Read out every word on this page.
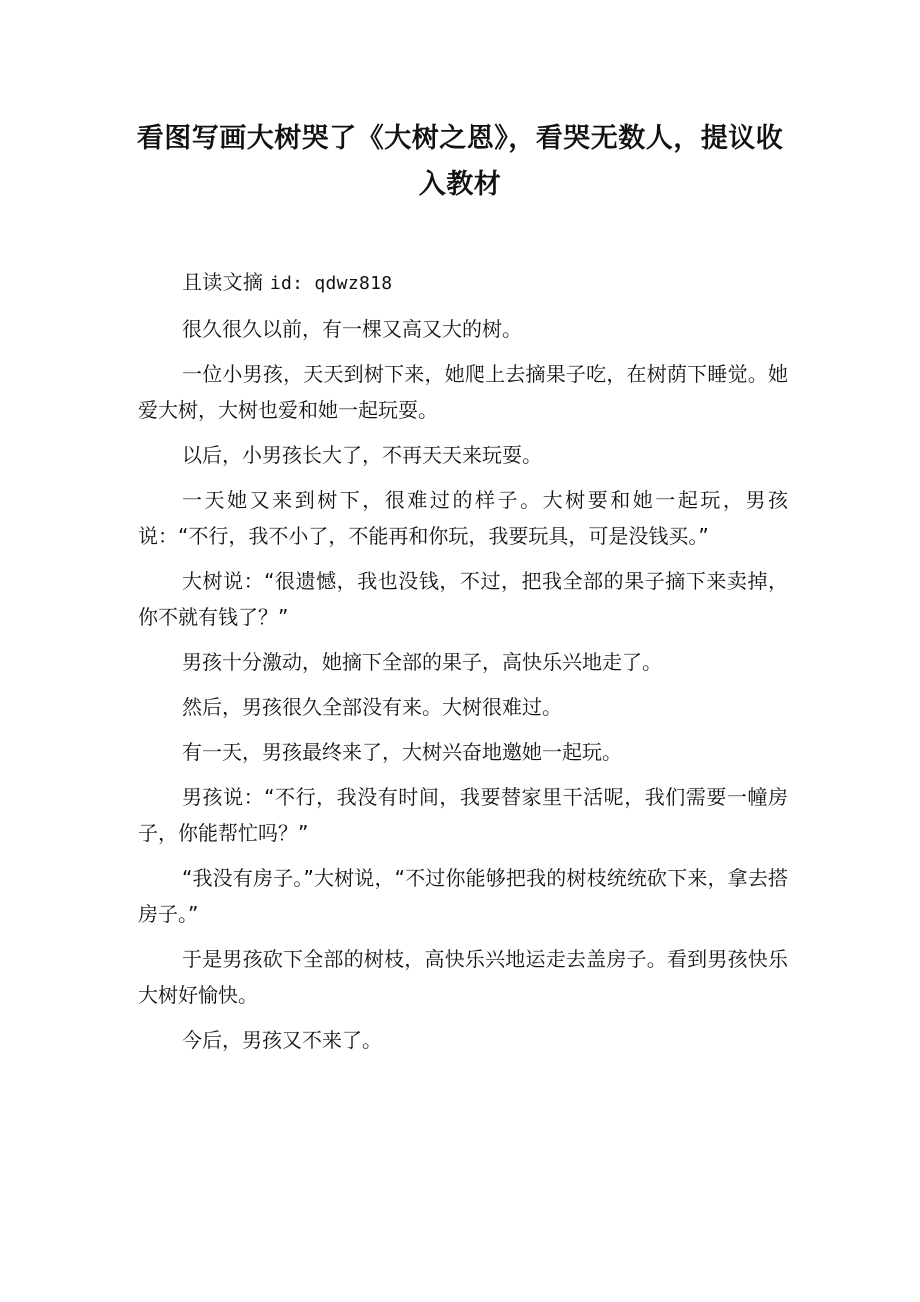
看图写画大树哭了《大树之恩》，看哭无数人，提议收入教材

且读文摘 id: qdwz818

很久很久以前，有一棵又高又大的树。

一位小男孩，天天到树下来，她爬上去摘果子吃，在树荫下睡觉。她爱大树，大树也爱和她一起玩耍。

以后，小男孩长大了，不再天天来玩耍。

一天她又来到树下，很难过的样子。大树要和她一起玩，男孩说：“不行，我不小了，不能再和你玩，我要玩具，可是没钱买。”

大树说：“很遗憾，我也没钱，不过，把我全部的果子摘下来卖掉，你不就有钱了？”

男孩十分激动，她摘下全部的果子，高快乐兴地走了。

然后，男孩很久全部没有来。大树很难过。

有一天，男孩最终来了，大树兴奋地邀她一起玩。

男孩说：“不行，我没有时间，我要替家里干活呢，我们需要一幢房子，你能帮忙吗？”

“我没有房子。”大树说，“不过你能够把我的树枝统统砍下来，拿去搭房子。”

于是男孩砍下全部的树枝，高快乐兴地运走去盖房子。看到男孩快乐大树好愉快。

今后，男孩又不来了。
